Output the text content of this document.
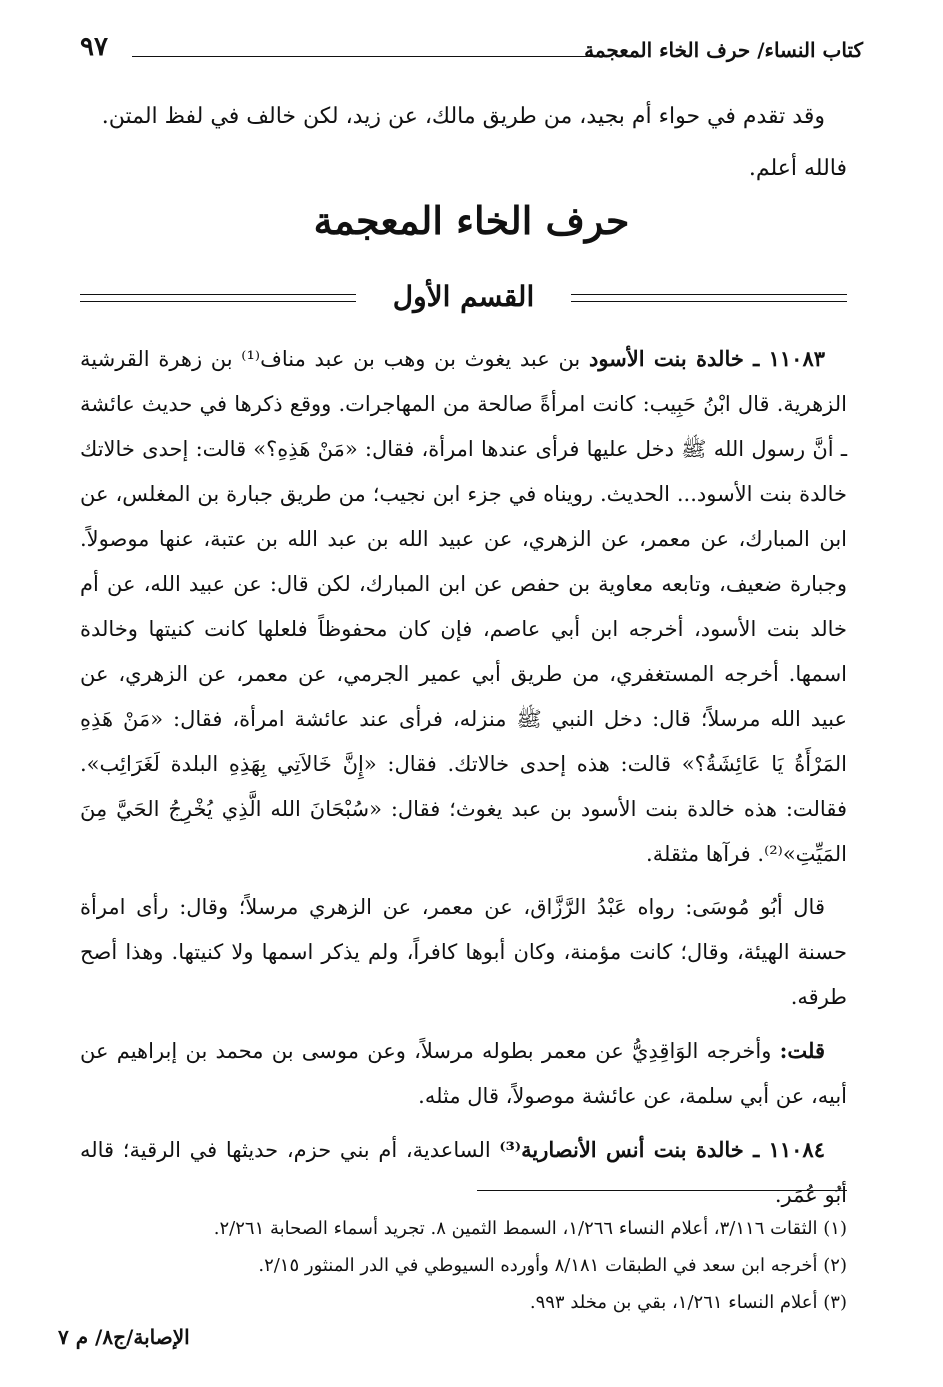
كتاب النساء/ حرف الخاء المعجمة
٩٧

وقد تقدم في حواء أم بجيد، من طريق مالك، عن زيد، لكن خالف في لفظ المتن.

فالله أعلم.

حرف الخاء المعجمة
القسم الأول

١١٠٨٣ ـ خالدة بنت الأسود بن عبد يغوث بن وهب بن عبد مناف⁽¹⁾ بن زهرة القرشية الزهرية. قال ابْنُ حَبِيب: كانت امرأةً صالحة من المهاجرات. ووقع ذكرها في حديث عائشة ـ أنَّ رسول الله ﷺ دخل عليها فرأى عندها امرأة، فقال: «مَنْ هَذِهِ؟» قالت: إحدى خالاتك خالدة بنت الأسود... الحديث. رويناه في جزء ابن نجيب؛ من طريق جبارة بن المغلس، عن ابن المبارك، عن معمر، عن الزهري، عن عبيد الله بن عبد الله بن عتبة، عنها موصولاً. وجبارة ضعيف، وتابعه معاوية بن حفص عن ابن المبارك، لكن قال: عن عبيد الله، عن أم خالد بنت الأسود، أخرجه ابن أبي عاصم، فإن كان محفوظاً فلعلها كانت كنيتها وخالدة اسمها. أخرجه المستغفري، من طريق أبي عمير الجرمي، عن معمر، عن الزهري، عن عبيد الله مرسلاً؛ قال: دخل النبي ﷺ منزله، فرأى عند عائشة امرأة، فقال: «مَنْ هَذِهِ المَرْأَةُ يَا عَائِشَةُ؟» قالت: هذه إحدى خالاتك. فقال: «إِنَّ خَالاَتِي بِهَذِهِ البلدة لَغَرَائِب». فقالت: هذه خالدة بنت الأسود بن عبد يغوث؛ فقال: «سُبْحَانَ الله الَّذِي يُخْرِجُ الحَيَّ مِنَ المَيِّتِ»⁽²⁾. فرآها مثقلة.

قال أبُو مُوسَى: رواه عَبْدُ الرَّزَّاق، عن معمر، عن الزهري مرسلاً؛ وقال: رأى امرأة حسنة الهيئة، وقال؛ كانت مؤمنة، وكان أبوها كافراً، ولم يذكر اسمها ولا كنيتها. وهذا أصح طرقه.

قلت: وأخرجه الوَاقِدِيُّ عن معمر بطوله مرسلاً، وعن موسى بن محمد بن إبراهيم عن أبيه، عن أبي سلمة، عن عائشة موصولاً، قال مثله.

١١٠٨٤ ـ خالدة بنت أنس الأنصارية⁽³⁾ الساعدية، أم بني حزم، حديثها في الرقية؛ قاله أبُو عُمَر.

(١) الثقات ٣/١١٦، أعلام النساء ١/٢٦٦، السمط الثمين ٨. تجريد أسماء الصحابة ٢/٢٦١.
(٢) أخرجه ابن سعد في الطبقات ٨/١٨١ وأورده السيوطي في الدر المنثور ٢/١٥.
(٣) أعلام النساء ١/٢٦١، بقي بن مخلد ٩٩٣.
الإصابة/ج٨/ م ٧
